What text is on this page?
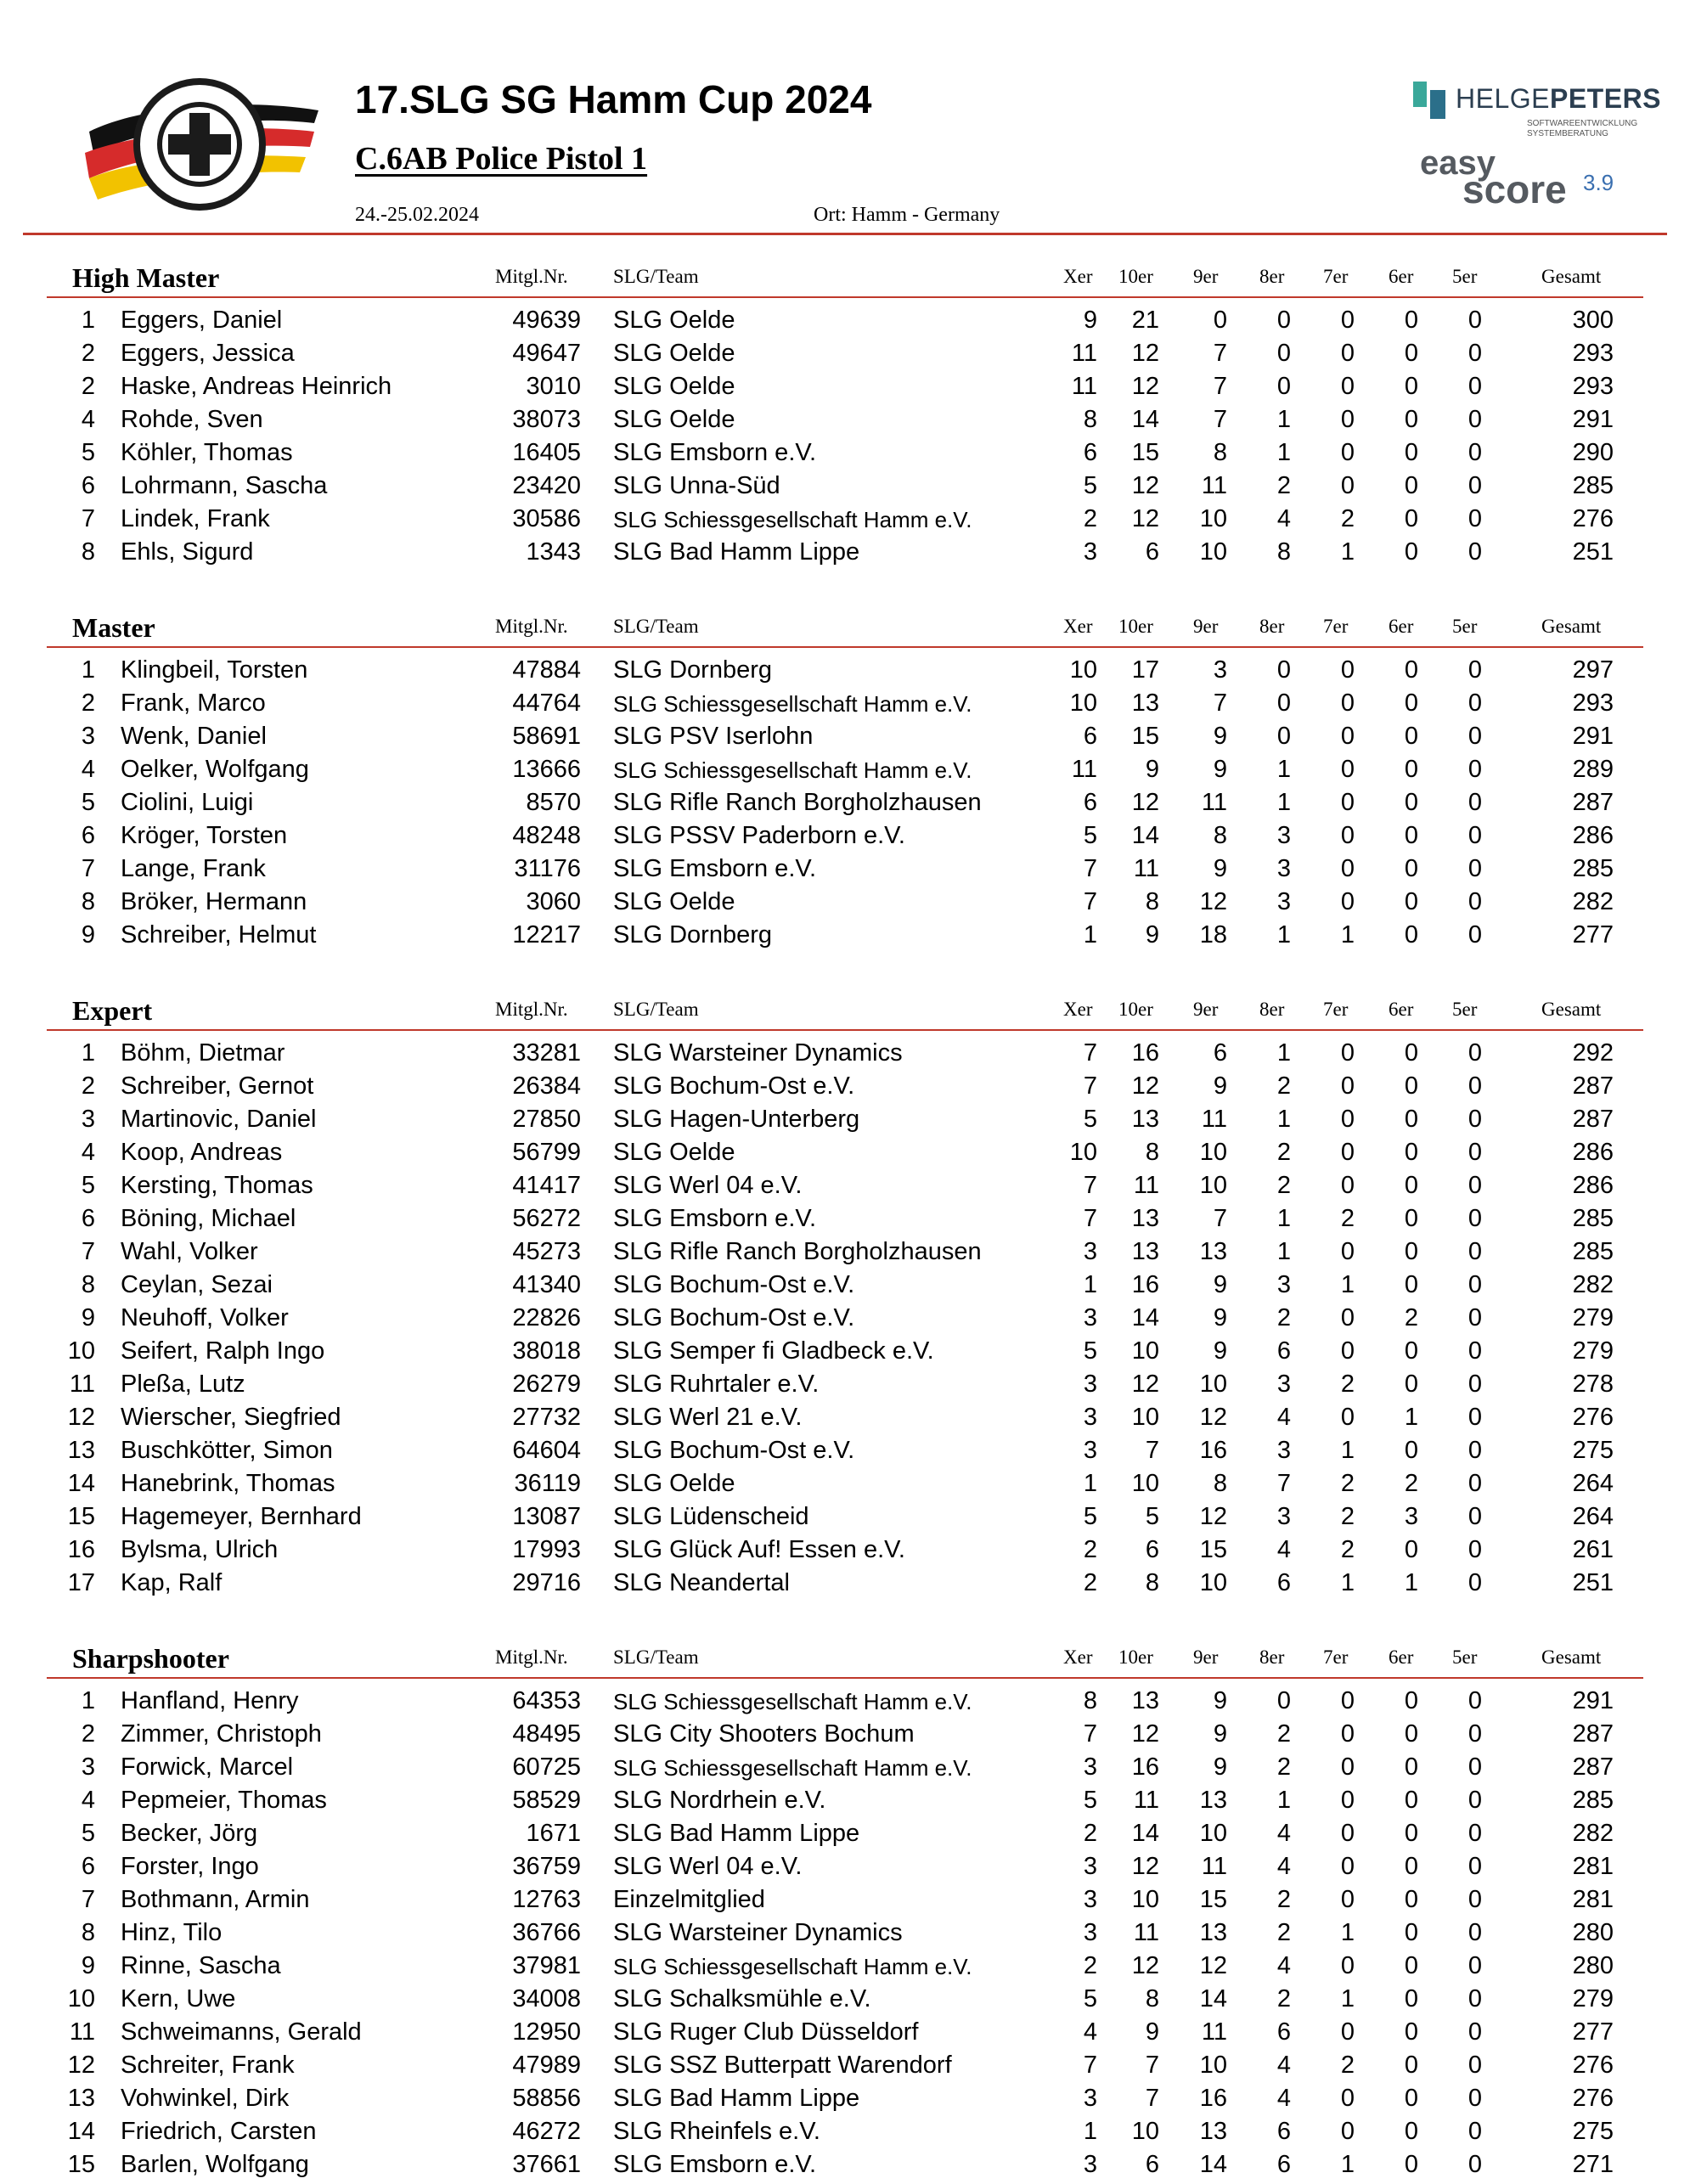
17.SLG SG Hamm Cup 2024
C.6AB Police Pistol 1
24.-25.02.2024	Ort: Hamm - Germany
HELGEPETERS
SOFTWAREENTWICKLUNG
SYSTEMBERATUNG
easy
score 3.9
High Master	Mitgl.Nr. SLG/Team	Xer 10er 9er 8er 7er 6er 5er	Gesamt
1 Eggers, Daniel	49639 SLG Oelde	9	21	0	0	0	0	0	300
2 Eggers, Jessica	49647 SLG Oelde	11	12	7	0	0	0	0	293
2 Haske, Andreas Heinrich	3010 SLG Oelde	11	12	7	0	0	0	0	293
4 Rohde, Sven	38073 SLG Oelde	8	14	7	1	0	0	0	291
5 Köhler, Thomas	16405 SLG Emsborn e.V.	6	15	8	1	0	0	0	290
6 Lohrmann, Sascha	23420 SLG Unna-Süd	5	12	11	2	0	0	0	285
7 Lindek, Frank	30586 SLG Schiessgesellschaft Hamm e.V.	2	12	10	4	2	0	0	276
8 Ehls, Sigurd	1343 SLG Bad Hamm Lippe	3	6	10	8	1	0	0	251
Master	Mitgl.Nr. SLG/Team	Xer 10er 9er 8er 7er 6er 5er	Gesamt
1 Klingbeil, Torsten	47884 SLG Dornberg	10	17	3	0	0	0	0	297
2 Frank, Marco	44764 SLG Schiessgesellschaft Hamm e.V.	10	13	7	0	0	0	0	293
3 Wenk, Daniel	58691 SLG PSV Iserlohn	6	15	9	0	0	0	0	291
4 Oelker, Wolfgang	13666 SLG Schiessgesellschaft Hamm e.V.	11	9	9	1	0	0	0	289
5 Ciolini, Luigi	8570 SLG Rifle Ranch Borgholzhausen	6	12	11	1	0	0	0	287
6 Kröger, Torsten	48248 SLG PSSV Paderborn e.V.	5	14	8	3	0	0	0	286
7 Lange, Frank	31176 SLG Emsborn e.V.	7	11	9	3	0	0	0	285
8 Bröker, Hermann	3060 SLG Oelde	7	8	12	3	0	0	0	282
9 Schreiber, Helmut	12217 SLG Dornberg	1	9	18	1	1	0	0	277
Expert	Mitgl.Nr. SLG/Team	Xer 10er 9er 8er 7er 6er 5er	Gesamt
1 Böhm, Dietmar	33281 SLG Warsteiner Dynamics	7	16	6	1	0	0	0	292
2 Schreiber, Gernot	26384 SLG Bochum-Ost e.V.	7	12	9	2	0	0	0	287
3 Martinovic, Daniel	27850 SLG Hagen-Unterberg	5	13	11	1	0	0	0	287
4 Koop, Andreas	56799 SLG Oelde	10	8	10	2	0	0	0	286
5 Kersting, Thomas	41417 SLG Werl 04 e.V.	7	11	10	2	0	0	0	286
6 Böning, Michael	56272 SLG Emsborn e.V.	7	13	7	1	2	0	0	285
7 Wahl, Volker	45273 SLG Rifle Ranch Borgholzhausen	3	13	13	1	0	0	0	285
8 Ceylan, Sezai	41340 SLG Bochum-Ost e.V.	1	16	9	3	1	0	0	282
9 Neuhoff, Volker	22826 SLG Bochum-Ost e.V.	3	14	9	2	0	2	0	279
10 Seifert, Ralph Ingo	38018 SLG Semper fi Gladbeck e.V.	5	10	9	6	0	0	0	279
11 Pleßa, Lutz	26279 SLG Ruhrtaler e.V.	3	12	10	3	2	0	0	278
12 Wierscher, Siegfried	27732 SLG Werl 21 e.V.	3	10	12	4	0	1	0	276
13 Buschkötter, Simon	64604 SLG Bochum-Ost e.V.	3	7	16	3	1	0	0	275
14 Hanebrink, Thomas	36119 SLG Oelde	1	10	8	7	2	2	0	264
15 Hagemeyer, Bernhard	13087 SLG Lüdenscheid	5	5	12	3	2	3	0	264
16 Bylsma, Ulrich	17993 SLG Glück Auf! Essen e.V.	2	6	15	4	2	0	0	261
17 Kap, Ralf	29716 SLG Neandertal	2	8	10	6	1	1	0	251
Sharpshooter	Mitgl.Nr. SLG/Team	Xer 10er 9er 8er 7er 6er 5er	Gesamt
1 Hanfland, Henry	64353 SLG Schiessgesellschaft Hamm e.V.	8	13	9	0	0	0	0	291
2 Zimmer, Christoph	48495 SLG City Shooters Bochum	7	12	9	2	0	0	0	287
3 Forwick, Marcel	60725 SLG Schiessgesellschaft Hamm e.V.	3	16	9	2	0	0	0	287
4 Pepmeier, Thomas	58529 SLG Nordrhein e.V.	5	11	13	1	0	0	0	285
5 Becker, Jörg	1671 SLG Bad Hamm Lippe	2	14	10	4	0	0	0	282
6 Forster, Ingo	36759 SLG Werl 04 e.V.	3	12	11	4	0	0	0	281
7 Bothmann, Armin	12763 Einzelmitglied	3	10	15	2	0	0	0	281
8 Hinz, Tilo	36766 SLG Warsteiner Dynamics	3	11	13	2	1	0	0	280
9 Rinne, Sascha	37981 SLG Schiessgesellschaft Hamm e.V.	2	12	12	4	0	0	0	280
10 Kern, Uwe	34008 SLG Schalksmühle e.V.	5	8	14	2	1	0	0	279
11 Schweimanns, Gerald	12950 SLG Ruger Club Düsseldorf	4	9	11	6	0	0	0	277
12 Schreiter, Frank	47989 SLG SSZ Butterpatt Warendorf	7	7	10	4	2	0	0	276
13 Vohwinkel, Dirk	58856 SLG Bad Hamm Lippe	3	7	16	4	0	0	0	276
14 Friedrich, Carsten	46272 SLG Rheinfels e.V.	1	10	13	6	0	0	0	275
15 Barlen, Wolfgang	37661 SLG Emsborn e.V.	3	6	14	6	1	0	0	271
